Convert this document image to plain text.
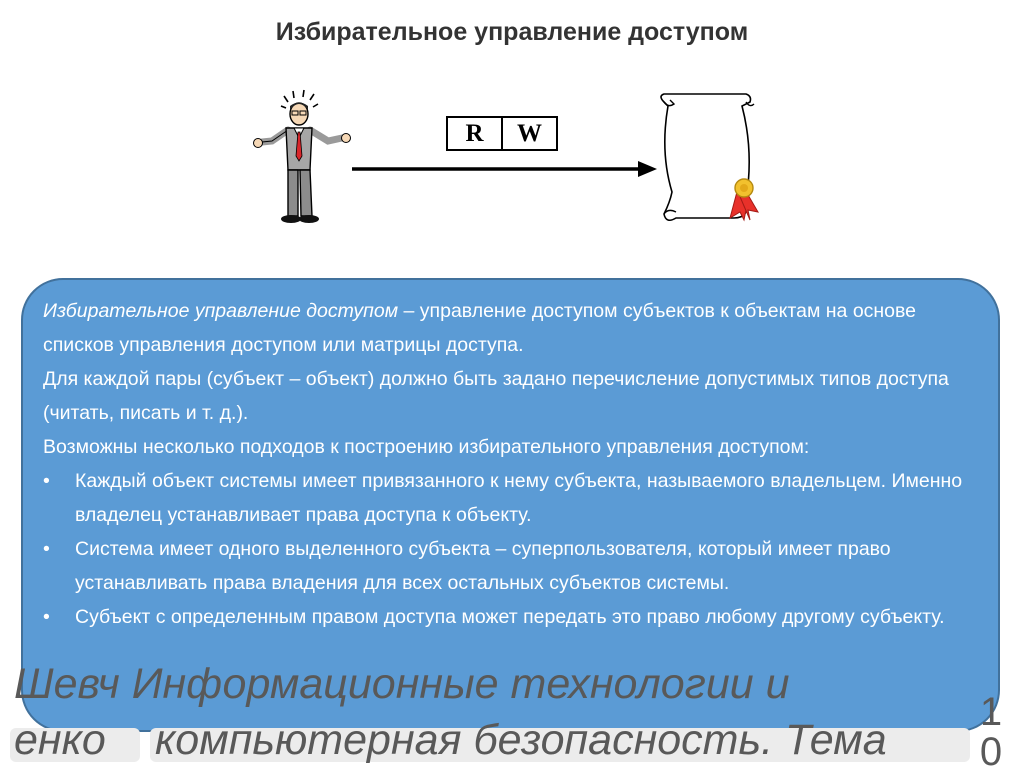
Избирательное управление доступом
R	W

Избирательное управление доступом – управление доступом субъектов к объектам на основе списков управления доступом или матрицы доступа.

Для каждой пары (субъект – объект) должно быть задано перечисление допустимых типов доступа (читать, писать и т. д.).

Возможны несколько подходов к построению избирательного управления доступом:

• Каждый объект системы имеет привязанного к нему субъекта, называемого владельцем. Именно владелец устанавливает права доступа к объекту.
• Система имеет одного выделенного субъекта – суперпользователя, который имеет право устанавливать права владения для всех остальных субъектов системы.
• Субъект с определенным правом доступа может передать это право любому другому субъекту.
Шевч Информационные технологии и
енко компьютерная безопасность. Тема
1
0
